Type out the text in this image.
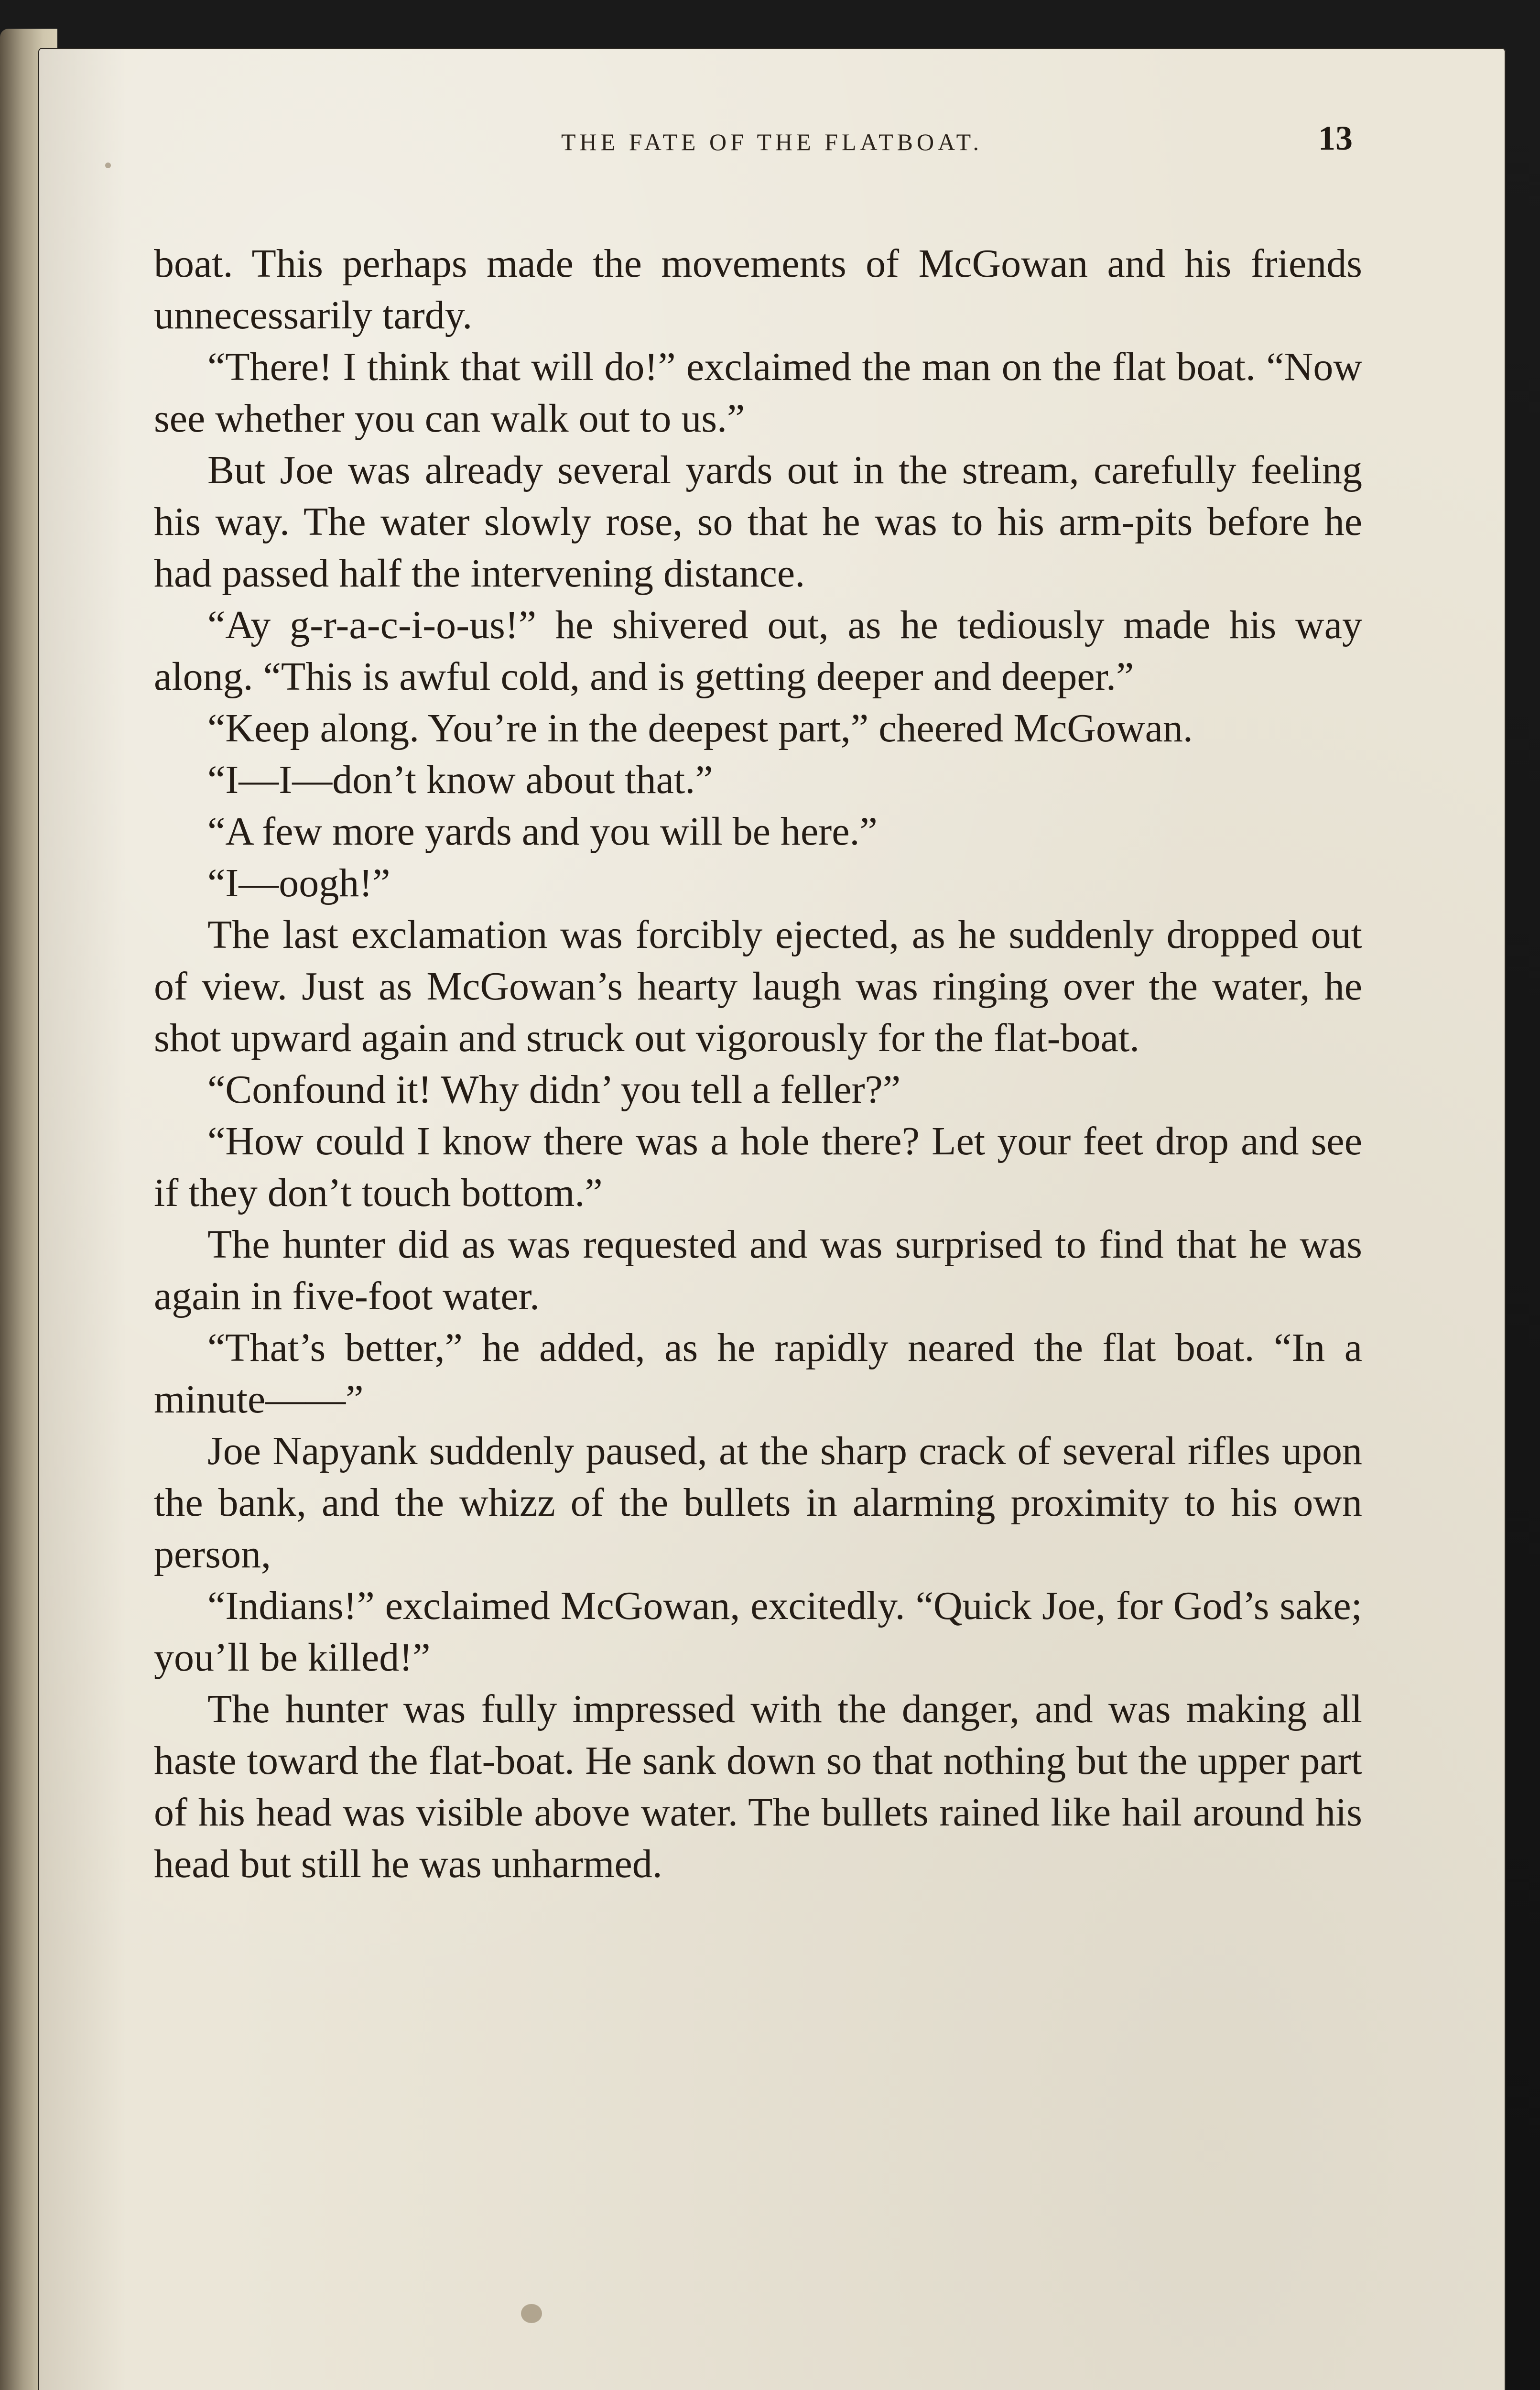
THE FATE OF THE FLATBOAT.	13

boat. This perhaps made the movements of McGowan and his friends unnecessarily tardy.

“There! I think that will do!” exclaimed the man on the flat boat. “Now see whether you can walk out to us.”

But Joe was already several yards out in the stream, carefully feeling his way. The water slowly rose, so that he was to his arm-pits before he had passed half the intervening distance.

“Ay g-r-a-c-i-o-us!” he shivered out, as he tediously made his way along. “This is awful cold, and is getting deeper and deeper.”

“Keep along. You’re in the deepest part,” cheered McGowan.

“I—I—don’t know about that.”

“A few more yards and you will be here.”

“I—oogh!”

The last exclamation was forcibly ejected, as he suddenly dropped out of view. Just as McGowan’s hearty laugh was ringing over the water, he shot upward again and struck out vigorously for the flat-boat.

“Confound it! Why didn’ you tell a feller?”

“How could I know there was a hole there? Let your feet drop and see if they don’t touch bottom.”

The hunter did as was requested and was surprised to find that he was again in five-foot water.

“That’s better,” he added, as he rapidly neared the flat boat. “In a minute——”

Joe Napyank suddenly paused, at the sharp crack of several rifles upon the bank, and the whizz of the bullets in alarming proximity to his own person,

“Indians!” exclaimed McGowan, excitedly. “Quick Joe, for God’s sake; you’ll be killed!”

The hunter was fully impressed with the danger, and was making all haste toward the flat-boat. He sank down so that nothing but the upper part of his head was visible above water. The bullets rained like hail around his head but still he was unharmed.
